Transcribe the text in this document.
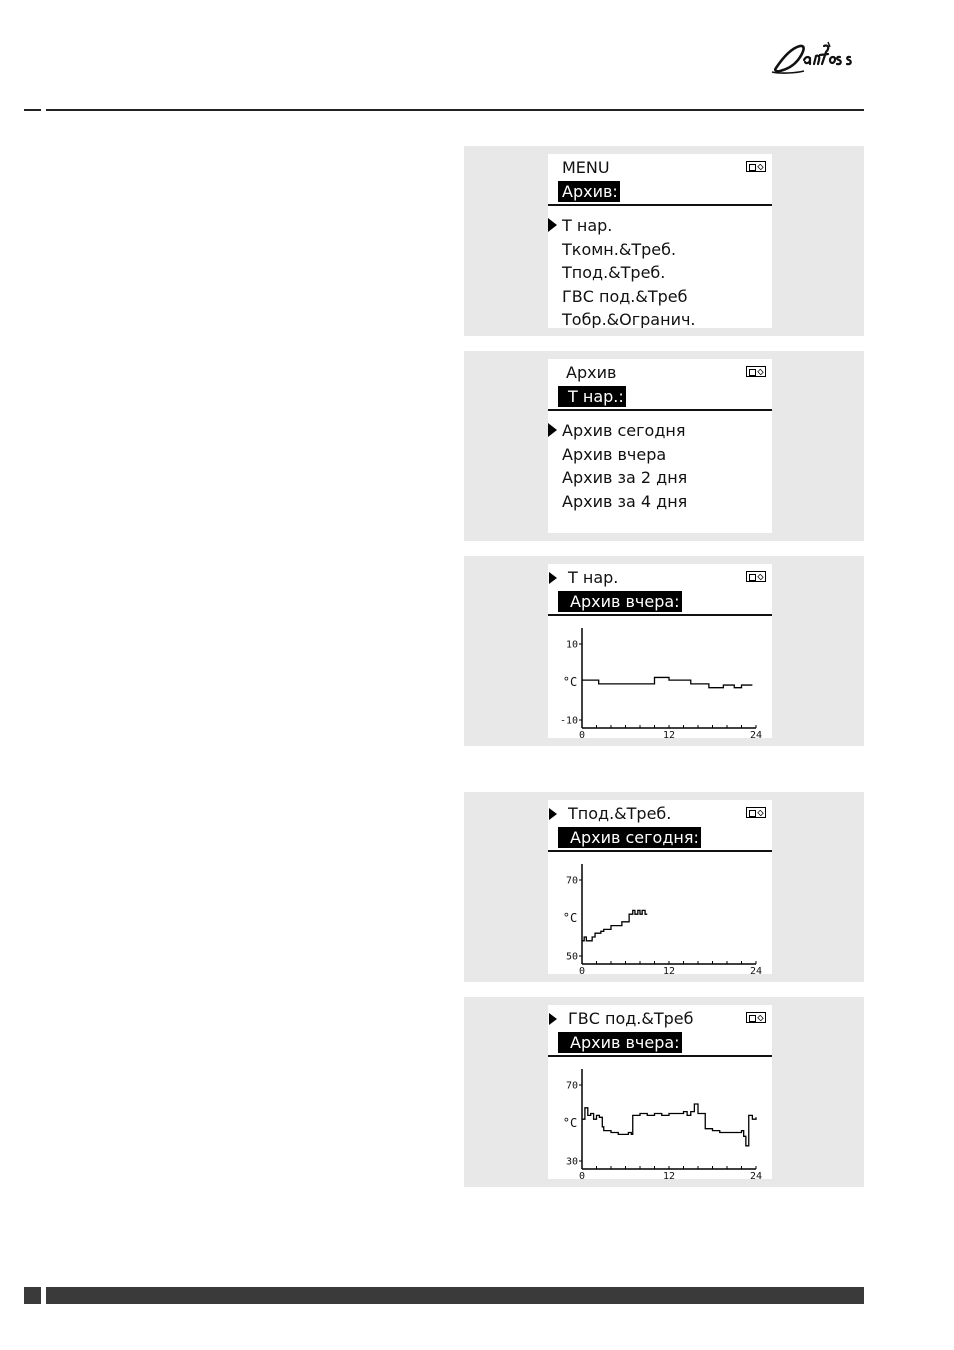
MENU
Архив:
Т нар.
Ткомн.&Треб.
Тпод.&Треб.
ГВС под.&Треб
Тобр.&Огранич.
Архив
Т нар.:
Архив сегодня
Архив вчера
Архив за 2 дня
Архив за 4 дня
Т нар.
Архив вчера:
0	12	24
10
-10
°C
Тпод.&Треб.
Архив сегодня:
0	12	24
70
50
°C
ГВС под.&Треб
Архив вчера:
0	12	24
70
30
°C
